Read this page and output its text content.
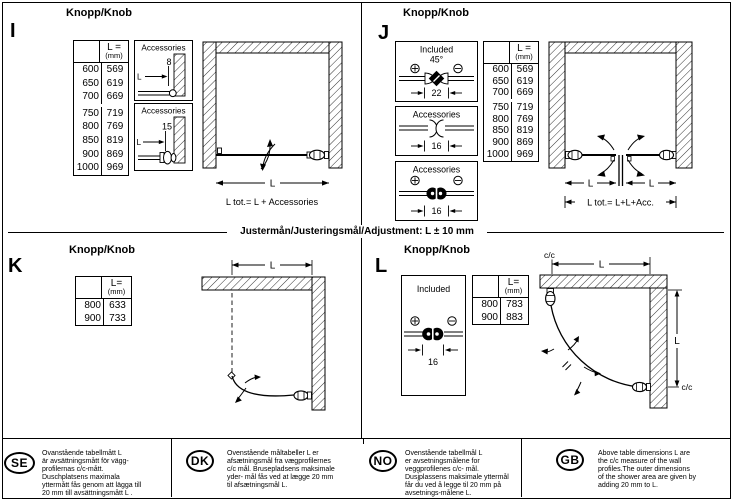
I
Knopp/Knob
L =
(mm)
600 569
650 619
700 669
750 719
800 769
850 819
900 869
1000 969
Accessories
8
L
Accessories
15
L
L
L tot.= L + Accessories
J
Knopp/Knob
Included
45°
22
Accessories
16
Accessories
16
L =
(mm)
600 569
650 619
700 669
750 719
800 769
850 819
900 869
1000 969
L	L
L tot.= L+L+Acc.
Justermån/Justeringsmål/Adjustment: L ± 10 mm
K
Knopp/Knob
L=
(mm)
800 633
900 733
L	L
Knopp/Knob
Included
16
L=
(mm)
800 783
900 883
c/c
L
L
c/c
SE
Ovanstående tabellmått L
är avsättningsmått för vägg-
profilernas c/c-mått.
Duschplatsens maximala
yttermått fås genom att lägga till
20 mm till avsättningsmått L .
DK
Ovenstående måltabeller L er
afsætningsmål fra vægprofilernes
c/c mål. Brusepladsens maksimale
yder- mål fås ved at lægge 20 mm
til afsætningsmål L.
NO
Ovenstående tabellmål L
er avsetningsmålene for
veggprofilenes c/c- mål.
Dusjplassens maksimale yttermål
får du ved å legge til 20 mm på
avsetnings-målene L.
GB	Above table dimensions L are
the c/c measure of the wall
profiles.The outer dimensions
of the shower area are given by
adding 20 mm to L.
